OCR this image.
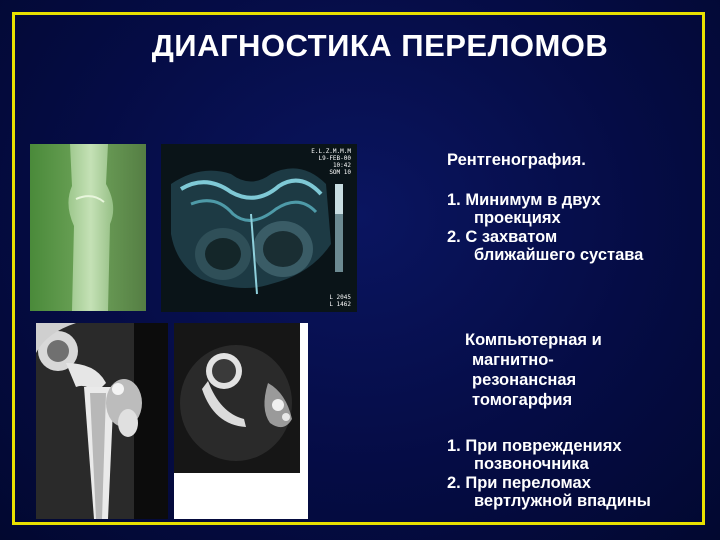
ДИАГНОСТИКА ПЕРЕЛОМОВ
E.L.Z.M.M.M
L9-FEB-00
10:42
SOM 10
L 2045
L 1462
Рентгенография.
1. Минимум в двух
проекциях
2. С захватом
ближайшего сустава
Компьютерная и
магнитно-
резонансная
томогарфия
1. При повреждениях
позвоночника
2. При переломах
вертлужной впадины
